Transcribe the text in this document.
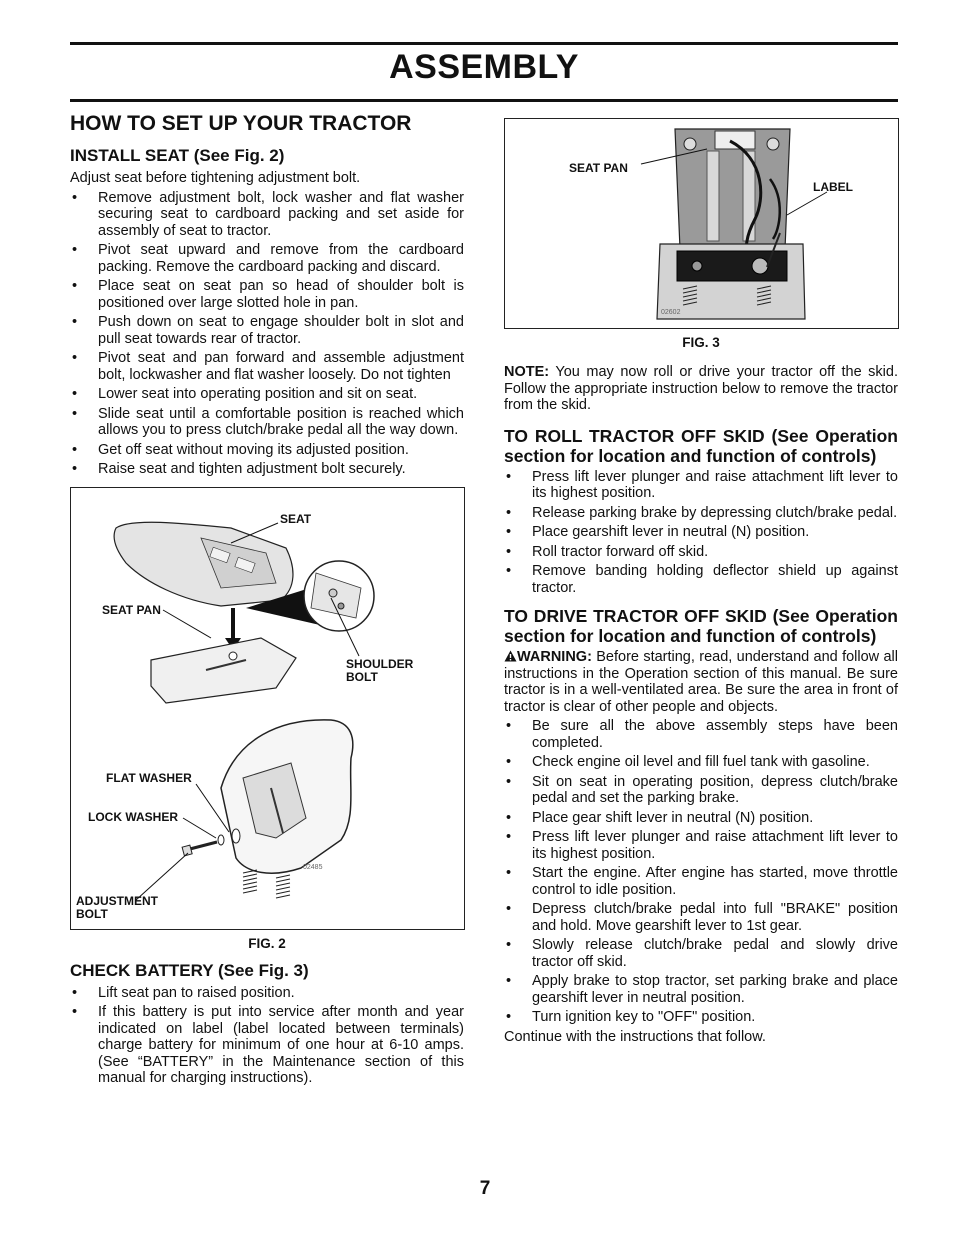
ASSEMBLY
HOW TO SET UP YOUR TRACTOR
INSTALL SEAT (See Fig. 2)

Adjust seat before tightening adjustment bolt.

• Remove adjustment bolt, lock washer and flat washer securing seat to cardboard packing and set aside for assembly of seat to tractor.
• Pivot seat upward and remove from the cardboard packing. Remove the cardboard packing and discard.
• Place seat on seat pan so head of shoulder bolt is positioned over large slotted hole in pan.
• Push down on seat to engage shoulder bolt in slot and pull seat towards rear of tractor.
• Pivot seat and pan forward and assemble adjustment bolt, lockwasher and flat washer loosely. Do not tighten
• Lower seat into operating position and sit on seat.
• Slide seat until a comfortable position is reached which allows you to press clutch/brake pedal all the way down.
• Get off seat without moving its adjusted position.
• Raise seat and tighten adjustment bolt securely.
SEAT
SEAT PAN
SHOULDER BOLT
FLAT WASHER
LOCK WASHER
ADJUSTMENT BOLT
02485
FIG. 2
CHECK BATTERY (See Fig. 3)
• Lift seat pan to raised position.
• If this battery is put into service after month and year indicated on label (label located between terminals) charge battery for minimum of one hour at 6-10 amps. (See “BATTERY” in the Maintenance section of this manual for charging instructions).
SEAT PAN
LABEL
02602
FIG. 3

NOTE: You may now roll or drive your tractor off the skid. Follow the appropriate instruction below to remove the tractor from the skid.

TO ROLL TRACTOR OFF SKID (See Operation section for location and function of controls)
• Press lift lever plunger and raise attachment lift lever to its highest position.
• Release parking brake by depressing clutch/brake pedal.
• Place gearshift lever in neutral (N) position.
• Roll tractor forward off skid.
• Remove banding holding deflector shield up against tractor.
TO DRIVE TRACTOR OFF SKID (See Operation section for location and function of controls)

WARNING: Before starting, read, understand and follow all instructions in the Operation section of this manual. Be sure tractor is in a well-ventilated area. Be sure the area in front of tractor is clear of other people and objects.

• Be sure all the above assembly steps have been completed.
• Check engine oil level and fill fuel tank with gasoline.
• Sit on seat in operating position, depress clutch/brake pedal and set the parking brake.
• Place gear shift lever in neutral (N) position.
• Press lift lever plunger and raise attachment lift lever to its highest position.
• Start the engine. After engine has started, move throttle control to idle position.
• Depress clutch/brake pedal into full "BRAKE" position and hold. Move gearshift lever to 1st gear.
• Slowly release clutch/brake pedal and slowly drive tractor off skid.
• Apply brake to stop tractor, set parking brake and place gearshift lever in neutral position.
• Turn ignition key to "OFF" position.

Continue with the instructions that follow.

7
